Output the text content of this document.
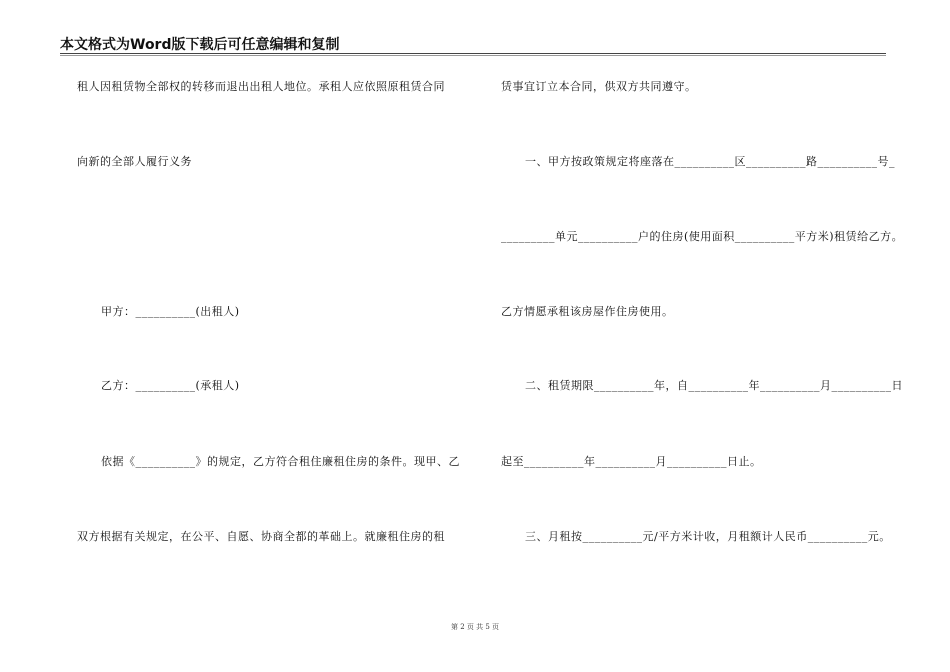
本文格式为Word版下载后可任意编辑和复制
租人因租赁物全部权的转移而退出出租人地位。承租人应依照原租赁合同
向新的全部人履行义务
甲方：__________(出租人)
乙方：__________(承租人)
依据《__________》的规定，乙方符合租住廉租住房的条件。现甲、乙
双方根据有关规定，在公平、自愿、协商全都的革础上。就廉租住房的租
赁事宜订立本合同，供双方共同遵守。
一、甲方按政策规定将座落在__________区__________路__________号_
_________单元__________户的住房(使用面积__________平方米)租赁给乙方。
乙方情愿承租该房屋作住房使用。
二、租赁期限__________年，自__________年__________月__________日
起至__________年__________月__________日止。
三、月租按__________元/平方米计收，月租额计人民币__________元。
第 2 页 共 5 页
